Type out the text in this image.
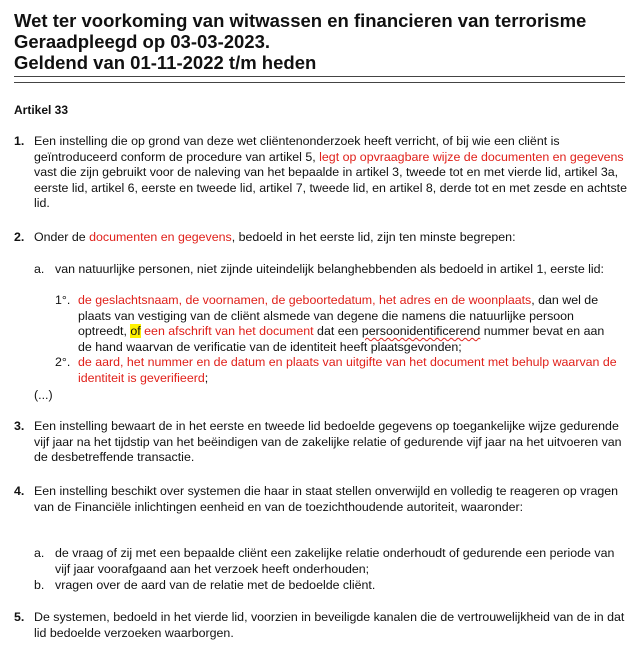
Wet ter voorkoming van witwassen en financieren van terrorisme
Geraadpleegd op 03-03-2023.
Geldend van 01-11-2022 t/m heden
Artikel 33
1. Een instelling die op grond van deze wet cliëntenonderzoek heeft verricht, of bij wie een cliënt is geïntroduceerd conform de procedure van artikel 5, legt op opvraagbare wijze de documenten en gegevens vast die zijn gebruikt voor de naleving van het bepaalde in artikel 3, tweede tot en met vierde lid, artikel 3a, eerste lid, artikel 6, eerste en tweede lid, artikel 7, tweede lid, en artikel 8, derde tot en met zesde en achtste lid.
2. Onder de documenten en gegevens, bedoeld in het eerste lid, zijn ten minste begrepen:
a. van natuurlijke personen, niet zijnde uiteindelijk belanghebbenden als bedoeld in artikel 1, eerste lid:
1°. de geslachtsnaam, de voornamen, de geboortedatum, het adres en de woonplaats, dan wel de plaats van vestiging van de cliënt alsmede van degene die namens die natuurlijke persoon optreedt, of een afschrift van het document dat een persoonidentificerend nummer bevat en aan de hand waarvan de verificatie van de identiteit heeft plaatsgevonden;
2°. de aard, het nummer en de datum en plaats van uitgifte van het document met behulp waarvan de identiteit is geverifieerd;
(...)
3. Een instelling bewaart de in het eerste en tweede lid bedoelde gegevens op toegankelijke wijze gedurende vijf jaar na het tijdstip van het beëindigen van de zakelijke relatie of gedurende vijf jaar na het uitvoeren van de desbetreffende transactie.
4. Een instelling beschikt over systemen die haar in staat stellen onverwijld en volledig te reageren op vragen van de Financiële inlichtingen eenheid en van de toezichthoudende autoriteit, waaronder:
a. de vraag of zij met een bepaalde cliënt een zakelijke relatie onderhoudt of gedurende een periode van vijf jaar voorafgaand aan het verzoek heeft onderhouden;
b. vragen over de aard van de relatie met de bedoelde cliënt.
5. De systemen, bedoeld in het vierde lid, voorzien in beveiligde kanalen die de vertrouwelijkheid van de in dat lid bedoelde verzoeken waarborgen.
